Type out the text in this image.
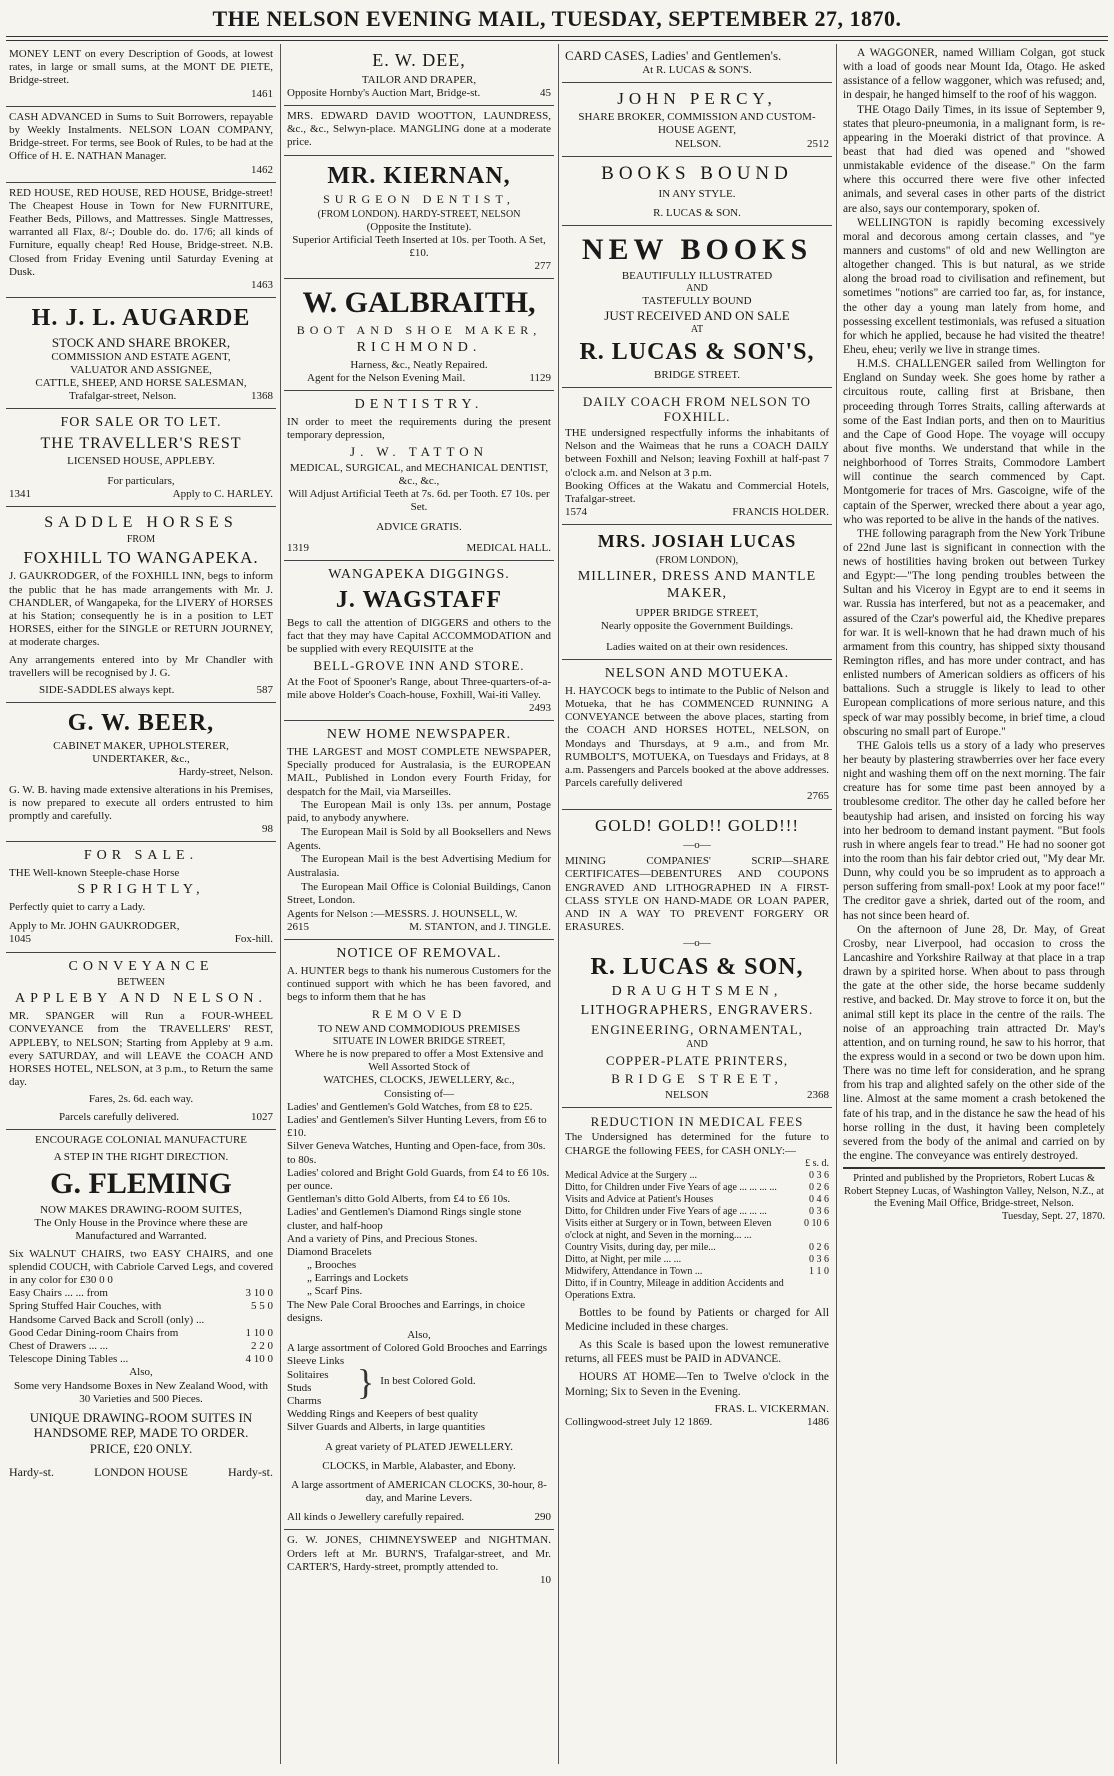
THE NELSON EVENING MAIL, TUESDAY, SEPTEMBER 27, 1870.

MONEY LENT on every Description of Goods, at lowest rates, in large or small sums, at the MONT DE PIETE, Bridge-street.

1461

CASH ADVANCED in Sums to Suit Borrowers, repayable by Weekly Instalments. NELSON LOAN COMPANY, Bridge-street. For terms, see Book of Rules, to be had at the Office of H. E. NATHAN Manager.

1462

RED HOUSE, RED HOUSE, RED HOUSE, Bridge-street! The Cheapest House in Town for New FURNITURE, Feather Beds, Pillows, and Mattresses. Single Mattresses, warranted all Flax, 8/-; Double do. do. 17/6; all kinds of Furniture, equally cheap! Red House, Bridge-street. N.B. Closed from Friday Evening until Saturday Evening at Dusk.

1463

H. J. L. AUGARDE

STOCK AND SHARE BROKER,

COMMISSION AND ESTATE AGENT,

VALUATOR AND ASSIGNEE,

CATTLE, SHEEP, AND HORSE SALESMAN,

Trafalgar-street, Nelson.	1368

FOR SALE OR TO LET.

THE TRAVELLER'S REST

LICENSED HOUSE, APPLEBY.

For particulars,

1341	Apply to C. HARLEY.

SADDLE HORSES

FROM

FOXHILL TO WANGAPEKA.

J. GAUKRODGER, of the FOXHILL INN, begs to inform the public that he has made arrangements with Mr. J. CHANDLER, of Wangapeka, for the LIVERY of HORSES at his Station; consequently he is in a position to LET HORSES, either for the SINGLE or RETURN JOURNEY, at moderate charges.

Any arrangements entered into by Mr Chandler with travellers will be recognised by J. G.

SIDE-SADDLES always kept.	587

G. W. BEER,

CABINET MAKER, UPHOLSTERER,

UNDERTAKER, &c.,

Hardy-street, Nelson.

G. W. B. having made extensive alterations in his Premises, is now prepared to execute all orders entrusted to him promptly and carefully.

98

FOR SALE.

THE Well-known Steeple-chase Horse

SPRIGHTLY,

Perfectly quiet to carry a Lady.

Apply to Mr. JOHN GAUKRODGER,

1045	Fox-hill.

CONVEYANCE

BETWEEN

APPLEBY AND NELSON.

MR. SPANGER will Run a FOUR-WHEEL CONVEYANCE from the TRAVELLERS' REST, APPLEBY, to NELSON; Starting from Appleby at 9 a.m. every SATURDAY, and will LEAVE the COACH AND HORSES HOTEL, NELSON, at 3 p.m., to Return the same day.

Fares, 2s. 6d. each way.

Parcels carefully delivered.	1027

ENCOURAGE COLONIAL MANUFACTURE

A STEP IN THE RIGHT DIRECTION.

G. FLEMING

NOW MAKES DRAWING-ROOM SUITES,

The Only House in the Province where these are Manufactured and Warranted.

Six WALNUT CHAIRS, two EASY CHAIRS, and one splendid COUCH, with Cabriole Carved Legs, and covered in any color for £30 0 0

Easy Chairs ... ... from	3 10 0
Spring Stuffed Hair Couches, with Handsome Carved Back and Scroll (only) ...
5 5 0
Good Cedar Dining-room Chairs from	1 10 0
Chest of Drawers ... ...	2 2 0
Telescope Dining Tables ...	4 10 0

Also,

Some very Handsome Boxes in New Zealand Wood, with 30 Varieties and 500 Pieces.

UNIQUE DRAWING-ROOM SUITES IN HANDSOME REP, MADE TO ORDER.

PRICE, £20 ONLY.

Hardy-st.	LONDON HOUSE	Hardy-st.

E. W. DEE,

TAILOR AND DRAPER,

Opposite Hornby's Auction Mart, Bridge-st.	45

MRS. EDWARD DAVID WOOTTON, LAUNDRESS, &c., &c., Selwyn-place. MANGLING done at a moderate price.

MR. KIERNAN,

SURGEON DENTIST,

(FROM LONDON). HARDY-STREET, NELSON

(Opposite the Institute).

Superior Artificial Teeth Inserted at 10s. per Tooth. A Set, £10.

277

W. GALBRAITH,

BOOT AND SHOE MAKER,

RICHMOND.

Harness, &c., Neatly Repaired.

Agent for the Nelson Evening Mail.	1129

DENTISTRY.

IN order to meet the requirements during the present temporary depression,

J. W. TATTON

MEDICAL, SURGICAL, and MECHANICAL DENTIST, &c., &c.,

Will Adjust Artificial Teeth at 7s. 6d. per Tooth. £7 10s. per Set.

ADVICE GRATIS.

1319	MEDICAL HALL.

WANGAPEKA DIGGINGS.

J. WAGSTAFF

Begs to call the attention of DIGGERS and others to the fact that they may have Capital ACCOMMODATION and be supplied with every REQUISITE at the

BELL-GROVE INN AND STORE.

At the Foot of Spooner's Range, about Three-quarters-of-a-mile above Holder's Coach-house, Foxhill, Wai-iti Valley.

2493

NEW HOME NEWSPAPER.

THE LARGEST and MOST COMPLETE NEWSPAPER, Specially produced for Australasia, is the EUROPEAN MAIL, Published in London every Fourth Friday, for despatch for the Mail, via Marseilles.

The European Mail is only 13s. per annum, Postage paid, to anybody anywhere.

The European Mail is Sold by all Booksellers and News Agents.

The European Mail is the best Advertising Medium for Australasia.

The European Mail Office is Colonial Buildings, Canon Street, London.

Agents for Nelson :—MESSRS. J. HOUNSELL, W.

2615	M. STANTON, and J. TINGLE.

NOTICE OF REMOVAL.

A. HUNTER begs to thank his numerous Customers for the continued support with which he has been favored, and begs to inform them that he has

REMOVED

TO NEW AND COMMODIOUS PREMISES

SITUATE IN LOWER BRIDGE STREET,

Where he is now prepared to offer a Most Extensive and Well Assorted Stock of

WATCHES, CLOCKS, JEWELLERY, &c.,

Consisting of—

Ladies' and Gentlemen's Gold Watches, from £8 to £25.

Ladies' and Gentlemen's Silver Hunting Levers, from £6 to £10.

Silver Geneva Watches, Hunting and Open-face, from 30s. to 80s.

Ladies' colored and Bright Gold Guards, from £4 to £6 10s. per ounce.

Gentleman's ditto Gold Alberts, from £4 to £6 10s.

Ladies' and Gentlemen's Diamond Rings single stone cluster, and half-hoop

And a variety of Pins, and Precious Stones.

Diamond Bracelets

„ Brooches

„ Earrings and Lockets

„ Scarf Pins.

The New Pale Coral Brooches and Earrings, in choice designs.

Also,

A large assortment of Colored Gold Brooches and Earrings

Sleeve Links

Solitaires

Studs

Charms } In best Colored Gold.

Wedding Rings and Keepers of best quality

Silver Guards and Alberts, in large quantities

A great variety of PLATED JEWELLERY.

CLOCKS, in Marble, Alabaster, and Ebony.

A large assortment of AMERICAN CLOCKS, 30-hour, 8-day, and Marine Levers.

All kinds o Jewellery carefully repaired.	290

G. W. JONES, CHIMNEYSWEEP and NIGHTMAN. Orders left at Mr. BURN'S, Trafalgar-street, and Mr. CARTER'S, Hardy-street, promptly attended to.

10

CARD CASES, Ladies' and Gentlemen's.

At R. LUCAS & SON'S.

JOHN PERCY,

SHARE BROKER, COMMISSION AND CUSTOM-HOUSE AGENT,

NELSON.	2512

BOOKS BOUND

IN ANY STYLE.

R. LUCAS & SON.

NEW BOOKS

BEAUTIFULLY ILLUSTRATED

AND

TASTEFULLY BOUND

JUST RECEIVED AND ON SALE

AT

R. LUCAS & SON'S,

BRIDGE STREET.

DAILY COACH FROM NELSON TO FOXHILL.

THE undersigned respectfully informs the inhabitants of Nelson and the Waimeas that he runs a COACH DAILY between Foxhill and Nelson; leaving Foxhill at half-past 7 o'clock a.m. and Nelson at 3 p.m.

Booking Offices at the Wakatu and Commercial Hotels, Trafalgar-street.

1574	FRANCIS HOLDER.

MRS. JOSIAH LUCAS

(FROM LONDON),

MILLINER, DRESS AND MANTLE MAKER,

UPPER BRIDGE STREET,

Nearly opposite the Government Buildings.

Ladies waited on at their own residences.

NELSON AND MOTUEKA.

H. HAYCOCK begs to intimate to the Public of Nelson and Motueka, that he has COMMENCED RUNNING A CONVEYANCE between the above places, starting from the COACH AND HORSES HOTEL, NELSON, on Mondays and Thursdays, at 9 a.m., and from Mr. RUMBOLT'S, MOTUEKA, on Tuesdays and Fridays, at 8 a.m. Passengers and Parcels booked at the above addresses. Parcels carefully delivered

2765

GOLD! GOLD!! GOLD!!!

—o—

MINING COMPANIES' SCRIP—SHARE CERTIFICATES—DEBENTURES AND COUPONS ENGRAVED AND LITHOGRAPHED IN A FIRST-CLASS STYLE ON HAND-MADE OR LOAN PAPER, AND IN A WAY TO PREVENT FORGERY OR ERASURES.

—o—

R. LUCAS & SON,

DRAUGHTSMEN,

LITHOGRAPHERS, ENGRAVERS.

ENGINEERING, ORNAMENTAL,

AND

COPPER-PLATE PRINTERS,

BRIDGE STREET,

NELSON	2368

REDUCTION IN MEDICAL FEES

The Undersigned has determined for the future to CHARGE the following FEES, for CASH ONLY:—

£ s. d.

Medical Advice at the Surgery ...	0 3 6
Ditto, for Children under Five Years of age ... ... ... ...	0 2 6
Visits and Advice at Patient's Houses	0 4 6
Ditto, for Children under Five Years of age ... ... ...	0 3 6
Visits either at Surgery or in Town, between Eleven o'clock at night, and Seven in the morning... ...
0 10 6
Country Visits, during day, per mile...	0 2 6
Ditto, at Night, per mile ... ...	0 3 6
Midwifery, Attendance in Town ...	1 1 0
Ditto, if in Country, Mileage in addition Accidents and Operations Extra.

Bottles to be found by Patients or charged for All Medicine included in these charges.

As this Scale is based upon the lowest remunerative returns, all FEES must be PAID in ADVANCE.

HOURS AT HOME—Ten to Twelve o'clock in the Morning; Six to Seven in the Evening.

FRAS. L. VICKERMAN.

Collingwood-street July 12 1869.	1486

A WAGGONER, named William Colgan, got stuck with a load of goods near Mount Ida, Otago. He asked assistance of a fellow waggoner, which was refused; and, in despair, he hanged himself to the roof of his waggon.

THE Otago Daily Times, in its issue of September 9, states that pleuro-pneumonia, in a malignant form, is re-appearing in the Moeraki district of that province. A beast that had died was opened and "showed unmistakable evidence of the disease." On the farm where this occurred there were five other infected animals, and several cases in other parts of the district are also, says our contemporary, spoken of.

WELLINGTON is rapidly becoming excessively moral and decorous among certain classes, and "ye manners and customs" of old and new Wellington are altogether changed. This is but natural, as we stride along the broad road to civilisation and refinement, but sometimes "notions" are carried too far, as, for instance, the other day a young man lately from home, and possessing excellent testimonials, was refused a situation for which he applied, because he had visited the theatre! Eheu, eheu; verily we live in strange times.

H.M.S. CHALLENGER sailed from Wellington for England on Sunday week. She goes home by rather a circuitous route, calling first at Brisbane, then proceeding through Torres Straits, calling afterwards at some of the East Indian ports, and then on to Mauritius and the Cape of Good Hope. The voyage will occupy about five months. We understand that while in the neighborhood of Torres Straits, Commodore Lambert will continue the search commenced by Capt. Montgomerie for traces of Mrs. Gascoigne, wife of the captain of the Sperwer, wrecked there about a year ago, who was reported to be alive in the hands of the natives.

THE following paragraph from the New York Tribune of 22nd June last is significant in connection with the news of hostilities having broken out between Turkey and Egypt:—"The long pending troubles between the Sultan and his Viceroy in Egypt are to end it seems in war. Russia has interfered, but not as a peacemaker, and assured of the Czar's powerful aid, the Khedive prepares for war. It is well-known that he had drawn much of his armament from this country, has shipped sixty thousand Remington rifles, and has more under contract, and has enlisted numbers of American soldiers as officers of his battalions. Such a struggle is likely to lead to other European complications of more serious nature, and this speck of war may possibly become, in brief time, a cloud obscuring no small part of Europe."

THE Galois tells us a story of a lady who preserves her beauty by plastering strawberries over her face every night and washing them off on the next morning. The fair creature has for some time past been annoyed by a troublesome creditor. The other day he called before her beautyship had arisen, and insisted on forcing his way into her bedroom to demand instant payment. "But fools rush in where angels fear to tread." He had no sooner got into the room than his fair debtor cried out, "My dear Mr. Dunn, why could you be so imprudent as to approach a person suffering from small-pox! Look at my poor face!" The creditor gave a shriek, darted out of the room, and has not since been heard of.

On the afternoon of June 28, Dr. May, of Great Crosby, near Liverpool, had occasion to cross the Lancashire and Yorkshire Railway at that place in a trap drawn by a spirited horse. When about to pass through the gate at the other side, the horse became suddenly restive, and backed. Dr. May strove to force it on, but the animal still kept its place in the centre of the rails. The noise of an approaching train attracted Dr. May's attention, and on turning round, he saw to his horror, that the express would in a second or two be down upon him. There was no time left for consideration, and he sprang from his trap and alighted safely on the other side of the line. Almost at the same moment a crash betokened the fate of his trap, and in the distance he saw the head of his horse rolling in the dust, it having been completely severed from the body of the animal and carried on by the engine. The conveyance was entirely destroyed.

Printed and published by the Proprietors, Robert Lucas & Robert Stepney Lucas, of Washington Valley, Nelson, N.Z., at the Evening Mail Office, Bridge-street, Nelson.

Tuesday, Sept. 27, 1870.
